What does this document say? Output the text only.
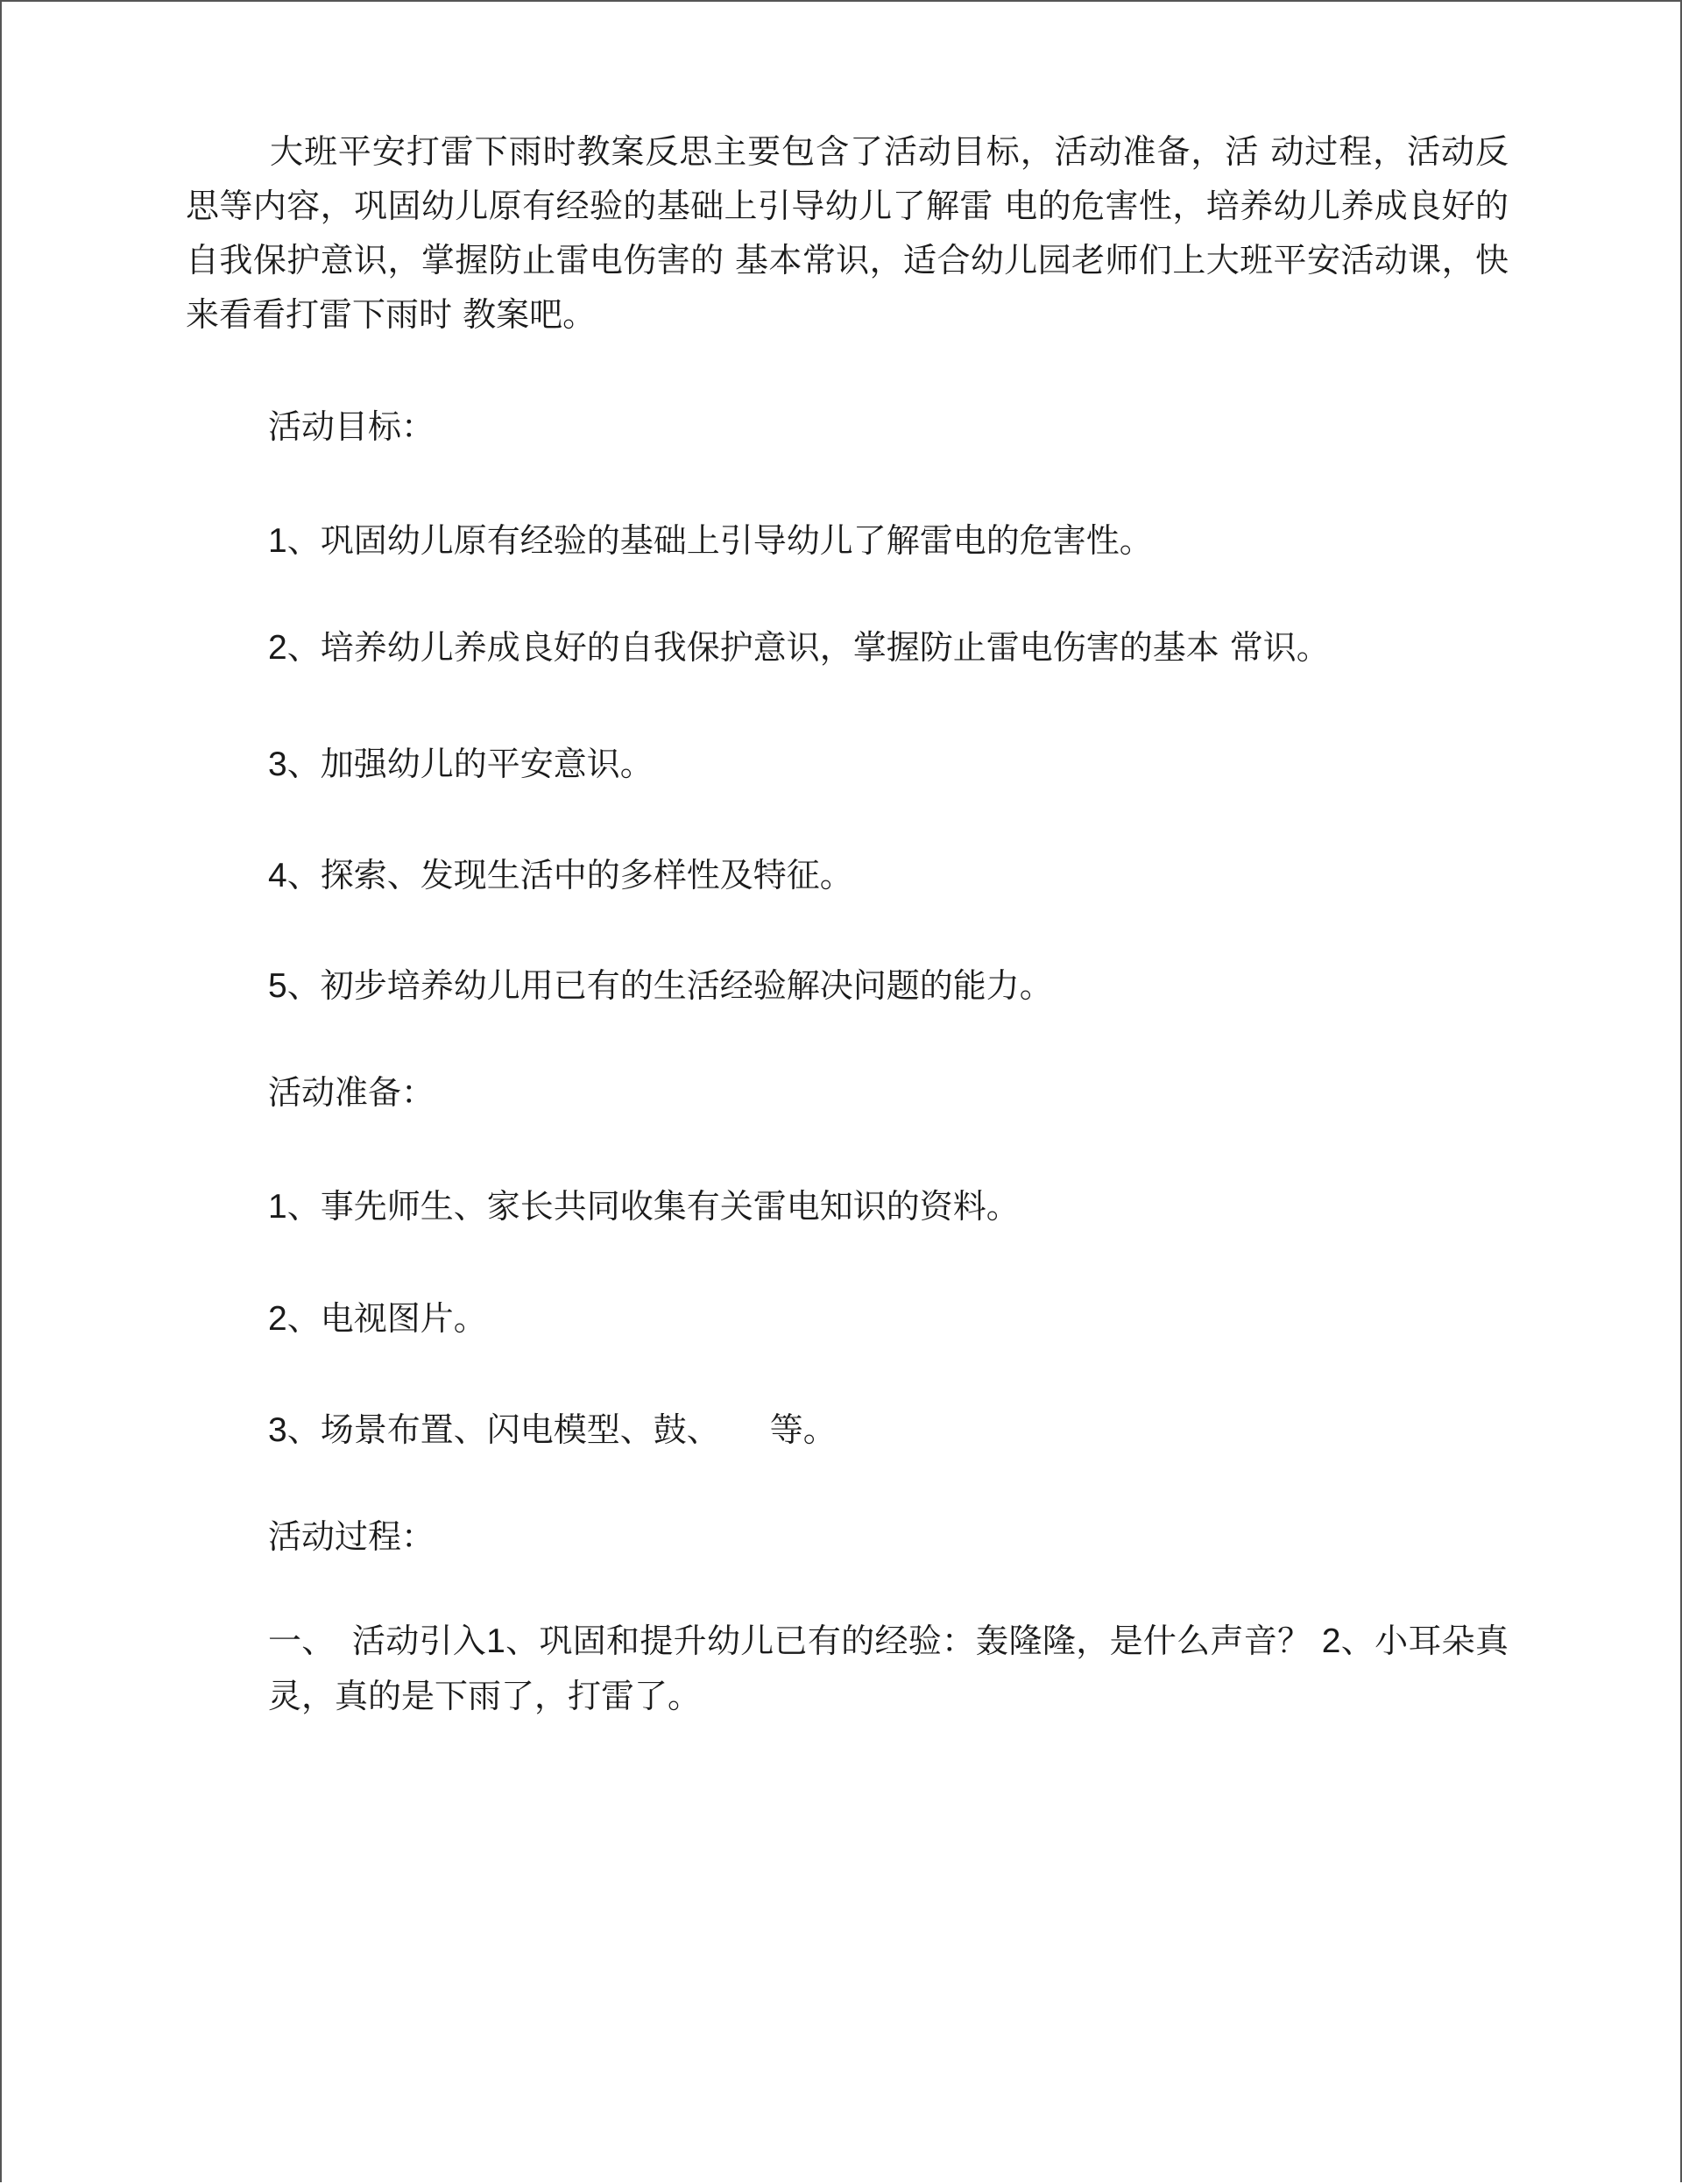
大班平安打雷下雨时教案反思主要包含了活动目标，活动准备，活 动过程，活动反思等内容，巩固幼儿原有经验的基础上引导幼儿了解雷 电的危害性，培养幼儿养成良好的自我保护意识，掌握防止雷电伤害的 基本常识，适合幼儿园老师们上大班平安活动课，快来看看打雷下雨时 教案吧。

活动目标：

1、巩固幼儿原有经验的基础上引导幼儿了解雷电的危害性。

2、培养幼儿养成良好的自我保护意识，掌握防止雷电伤害的基本 常识。

3、加强幼儿的平安意识。

4、探索、发现生活中的多样性及特征。

5、初步培养幼儿用已有的生活经验解决问题的能力。

活动准备：

1、事先师生、家长共同收集有关雷电知识的资料。

2、电视图片。

3、场景布置、闪电模型、鼓、　　等。

活动过程：

一、　活动引入1、巩固和提升幼儿已有的经验：轰隆隆，是什么声音？ 2、小耳朵真灵，真的是下雨了，打雷了。
